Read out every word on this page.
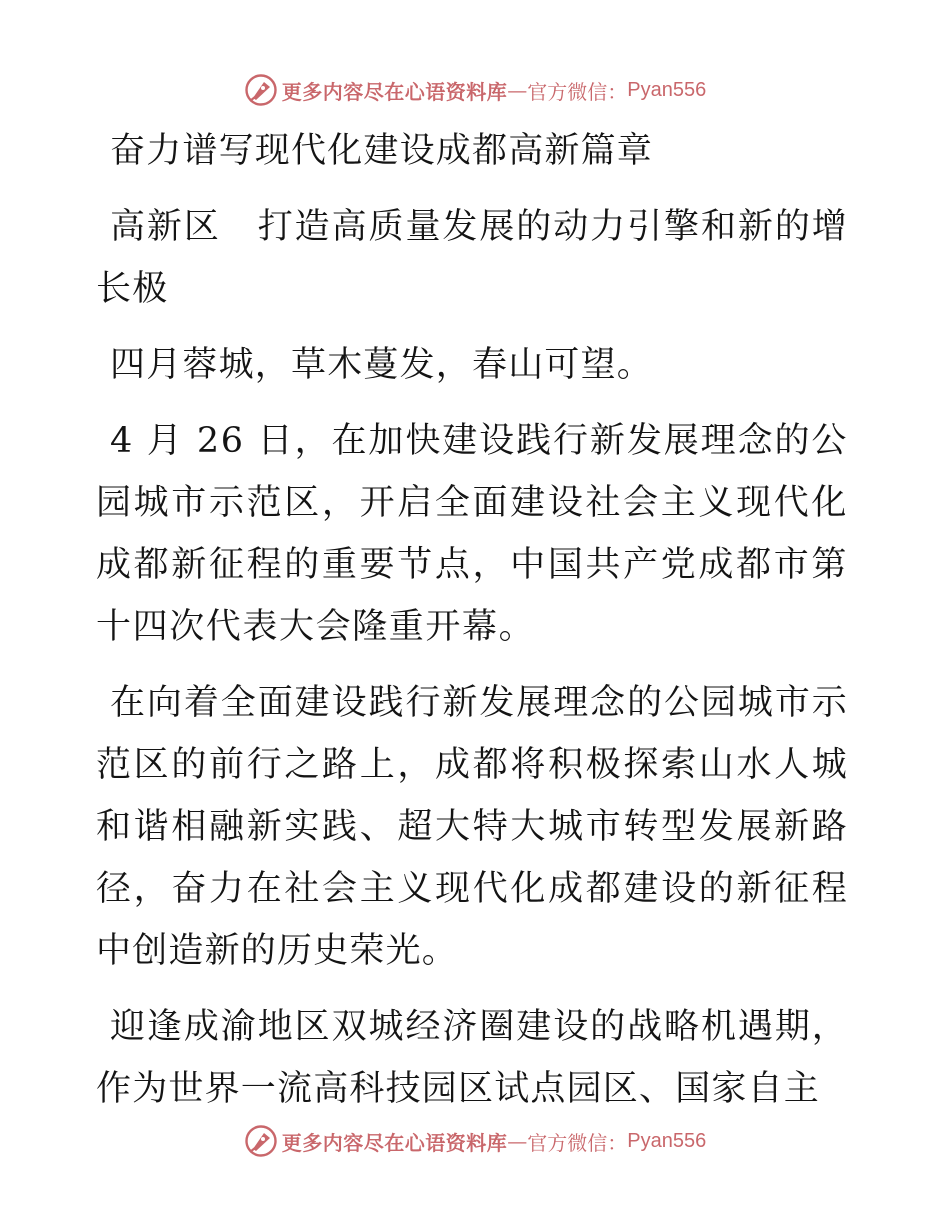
更多内容尽在心语资料库 — 官方微信： Pyan556

奋力谱写现代化建设成都高新篇章

高新区　打造高质量发展的动力引擎和新的增长极

四月蓉城，草木蔓发，春山可望。

4 月 26 日，在加快建设践行新发展理念的公园城市示范区，开启全面建设社会主义现代化成都新征程的重要节点，中国共产党成都市第十四次代表大会隆重开幕。

在向着全面建设践行新发展理念的公园城市示范区的前行之路上，成都将积极探索山水人城和谐相融新实践、超大特大城市转型发展新路径，奋力在社会主义现代化成都建设的新征程中创造新的历史荣光。

迎逢成渝地区双城经济圈建设的战略机遇期，作为世界一流高科技园区试点园区、国家自主

更多内容尽在心语资料库 — 官方微信： Pyan556
